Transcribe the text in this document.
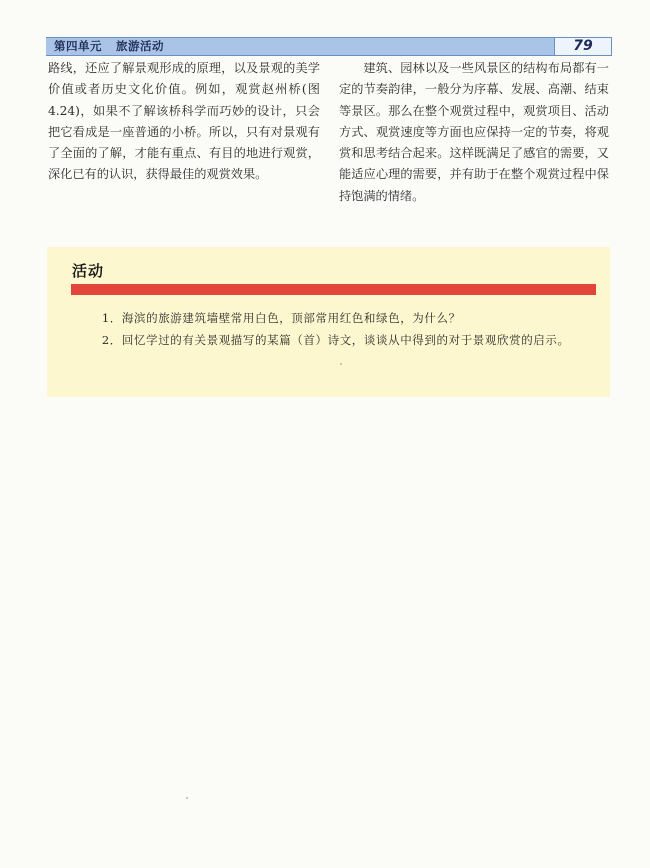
第四单元 旅游活动	79

路线，还应了解景观形成的原理，以及景观的美学价值或者历史文化价值。例如，观赏赵州桥(图4.24)，如果不了解该桥科学而巧妙的设计，只会把它看成是一座普通的小桥。所以，只有对景观有了全面的了解，才能有重点、有目的地进行观赏，深化已有的认识，获得最佳的观赏效果。

建筑、园林以及一些风景区的结构布局都有一定的节奏韵律，一般分为序幕、发展、高潮、结束等景区。那么在整个观赏过程中，观赏项目、活动方式、观赏速度等方面也应保持一定的节奏，将观赏和思考结合起来。这样既满足了感官的需要，又能适应心理的需要，并有助于在整个观赏过程中保持饱满的情绪。

活动

1．海滨的旅游建筑墙壁常用白色，顶部常用红色和绿色，为什么？

2．回忆学过的有关景观描写的某篇（首）诗文，谈谈从中得到的对于景观欣赏的启示。
